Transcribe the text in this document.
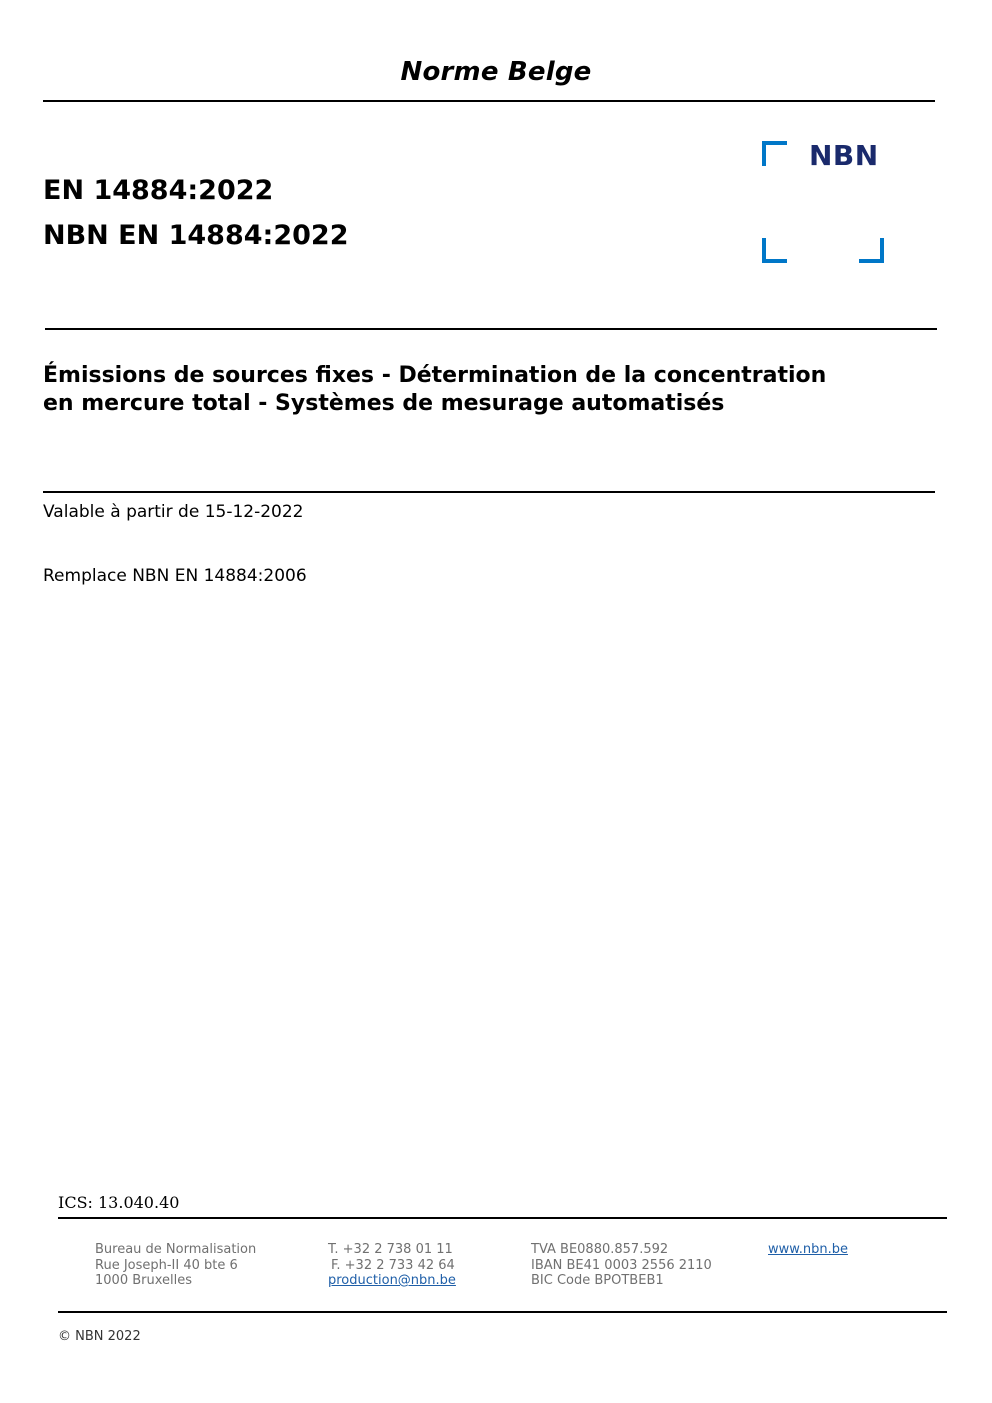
Norme Belge
EN 14884:2022
NBN EN 14884:2022
NBN
Émissions de sources fixes - Détermination de la concentration
en mercure total - Systèmes de mesurage automatisés
Valable à partir de 15-12-2022
Remplace NBN EN 14884:2006
ICS: 13.040.40
Bureau de Normalisation
Rue Joseph-II 40 bte 6
1000 Bruxelles
T. +32 2 738 01 11
F. +32 2 733 42 64
production@nbn.be
TVA BE0880.857.592
IBAN BE41 0003 2556 2110
BIC Code BPOTBEB1
www.nbn.be
© NBN 2022
